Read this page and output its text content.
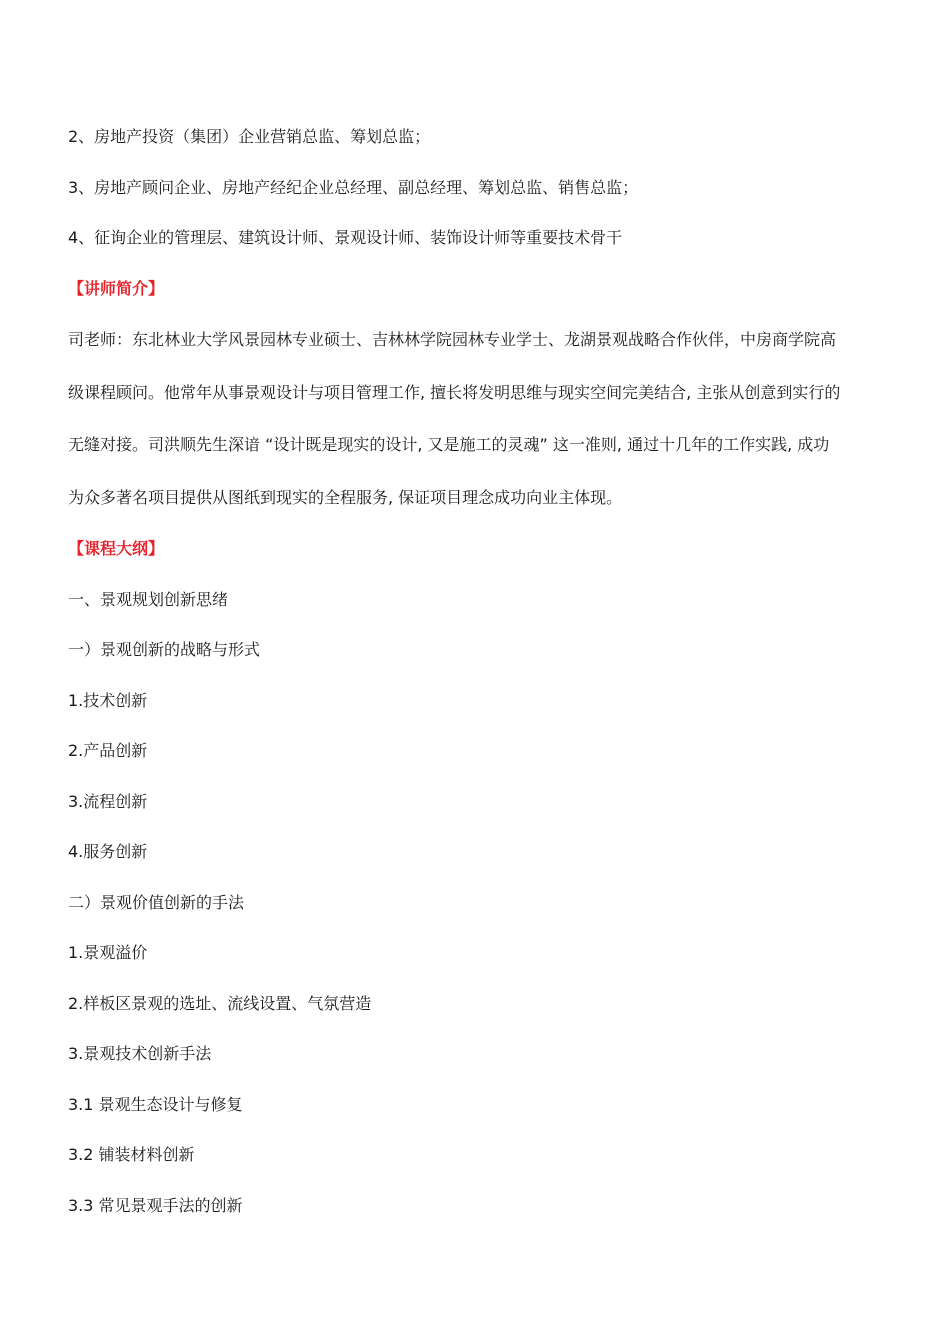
2、房地产投资（集团）企业营销总监、筹划总监；
3、房地产顾问企业、房地产经纪企业总经理、副总经理、筹划总监、销售总监；
4、征询企业的管理层、建筑设计师、景观设计师、装饰设计师等重要技术骨干
【讲师简介】
司老师：东北林业大学风景园林专业硕士、吉林林学院园林专业学士、龙湖景观战略合作伙伴，中房商学院高
级课程顾问。他常年从事景观设计与项目管理工作, 擅长将发明思维与现实空间完美结合, 主张从创意到实行的
无缝对接。司洪顺先生深谙 “设计既是现实的设计, 又是施工的灵魂” 这一准则, 通过十几年的工作实践, 成功
为众多著名项目提供从图纸到现实的全程服务, 保证项目理念成功向业主体现。
【课程大纲】
一、景观规划创新思绪
一）景观创新的战略与形式
1.技术创新
2.产品创新
3.流程创新
4.服务创新
二）景观价值创新的手法
1.景观溢价
2.样板区景观的选址、流线设置、气氛营造
3.景观技术创新手法
3.1 景观生态设计与修复
3.2 铺装材料创新
3.3 常见景观手法的创新
